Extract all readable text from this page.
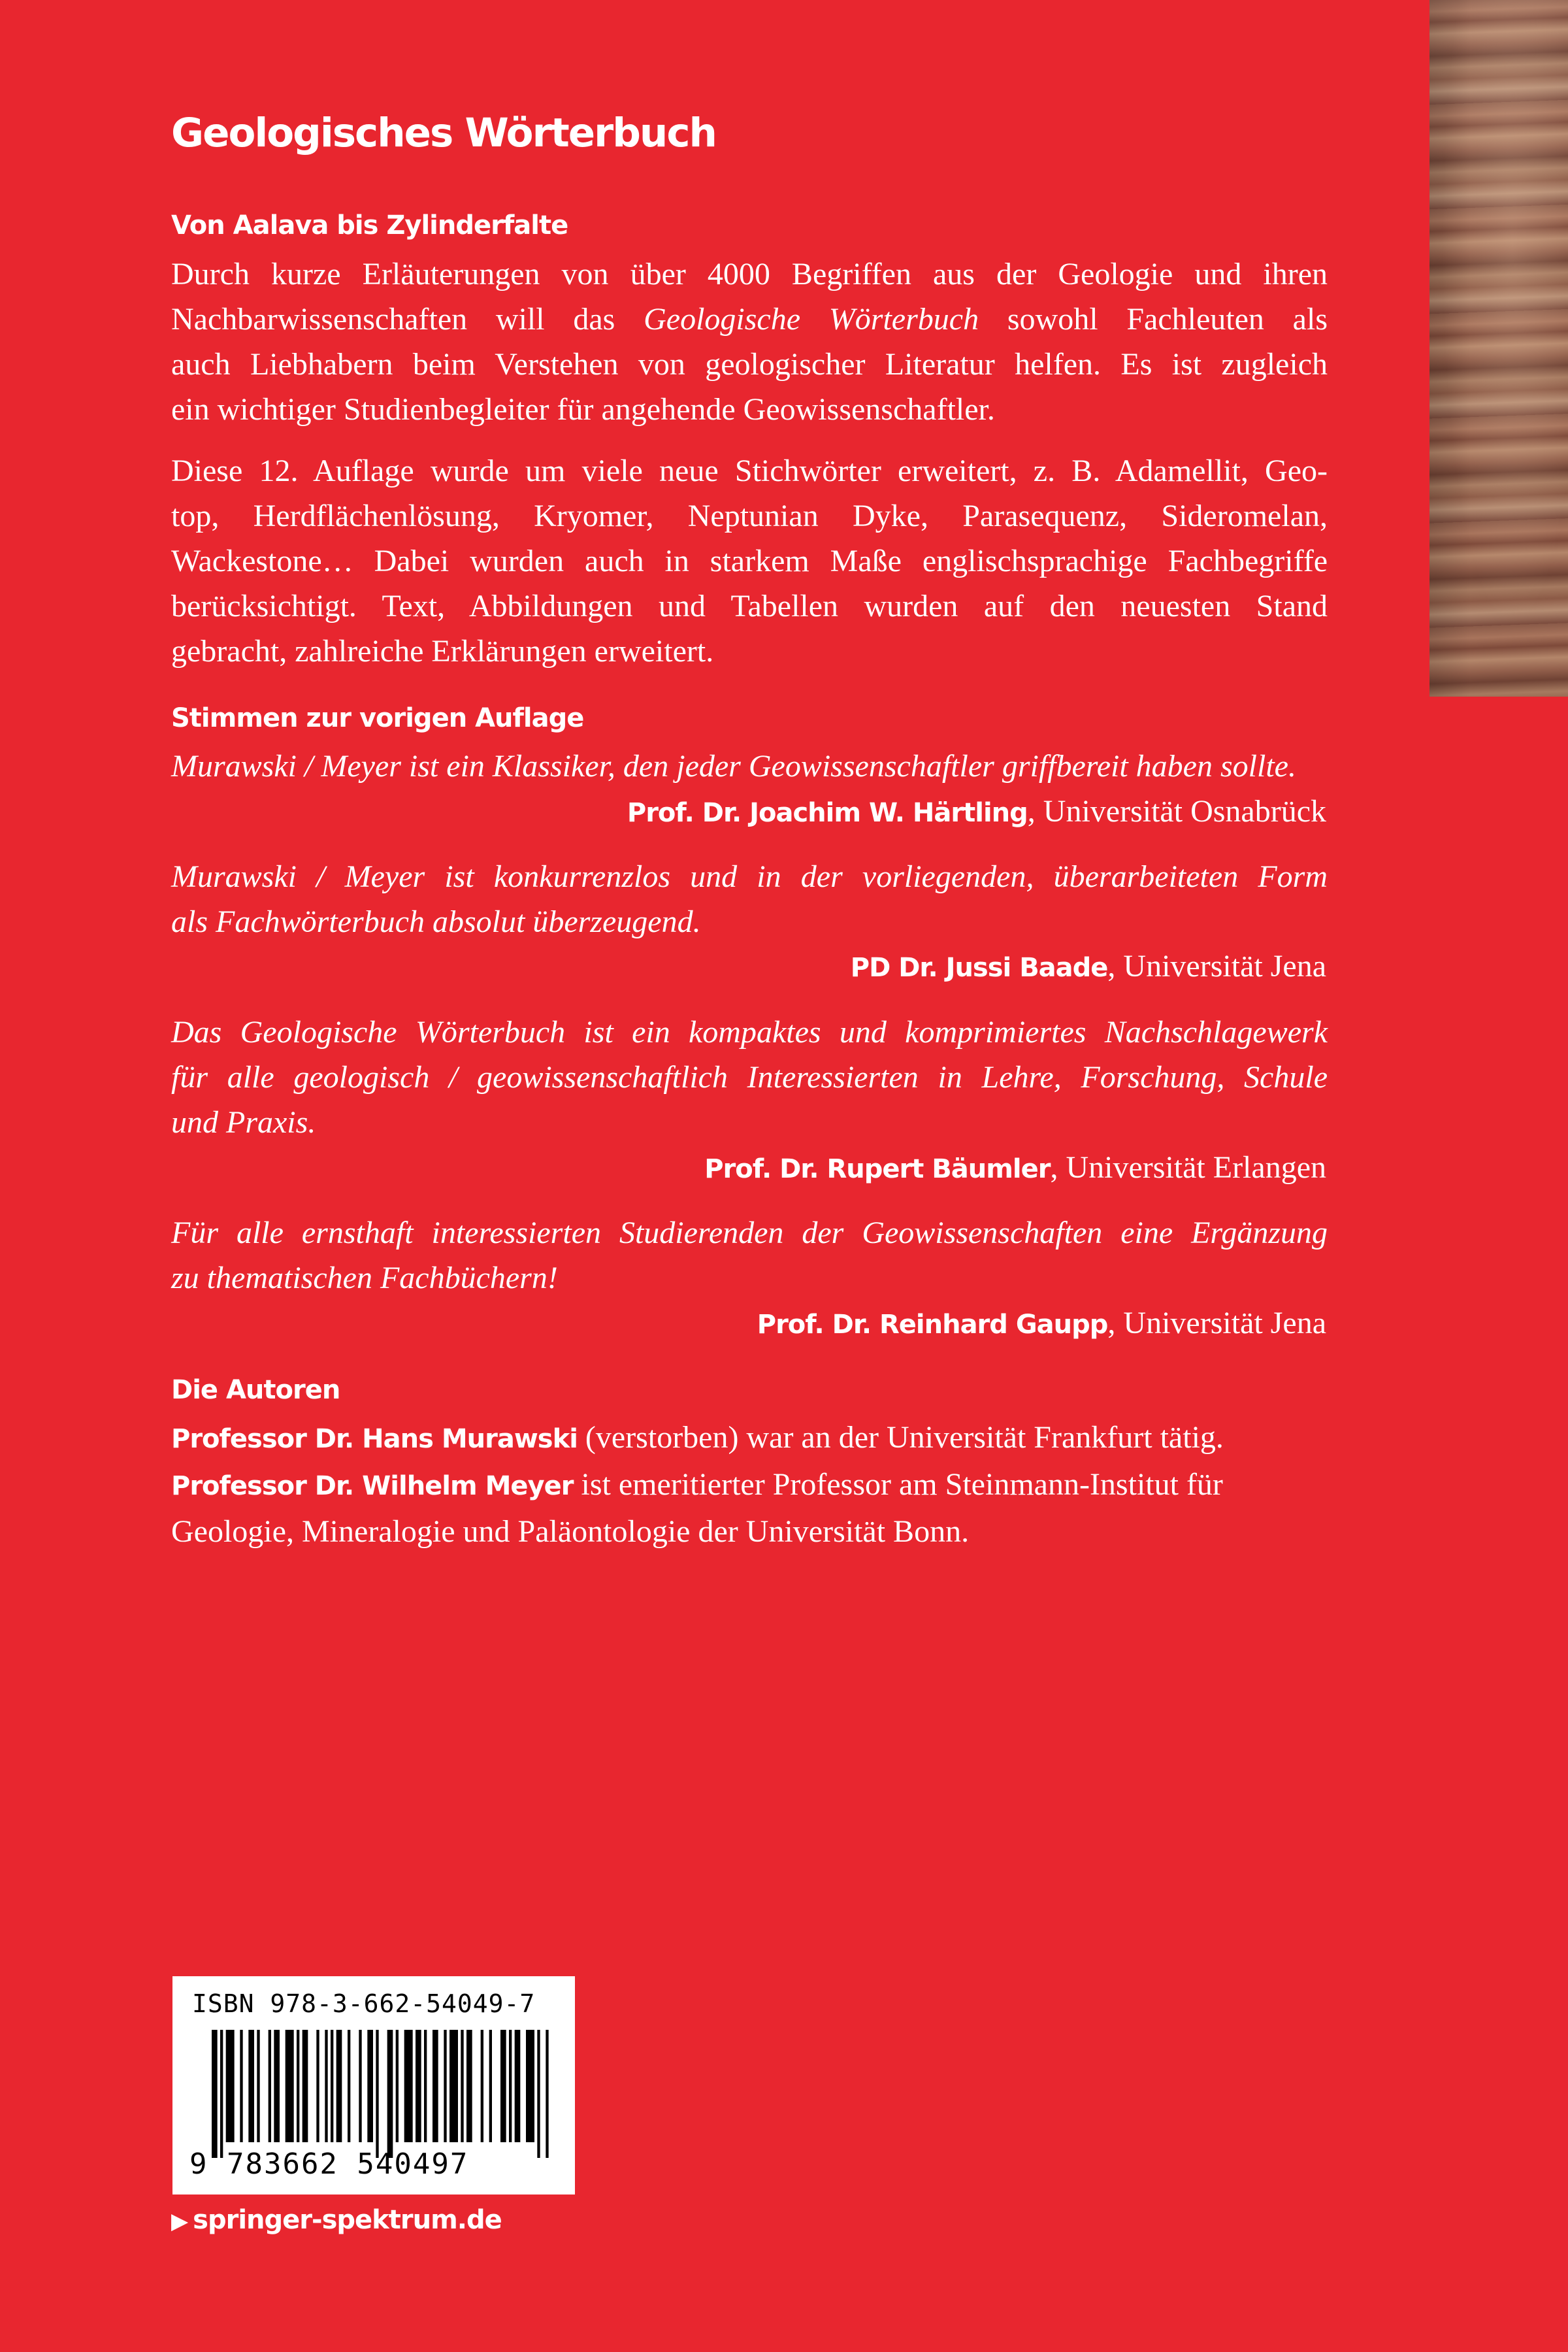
Geologisches Wörterbuch
Von Aalava bis Zylinderfalte

Durch kurze Erläuterungen von über 4000 Begriffen aus der Geologie und ihren
Nachbarwissenschaften will das Geologische Wörterbuch sowohl Fachleuten als
auch Liebhabern beim Verstehen von geologischer Literatur helfen. Es ist zugleich
ein wichtiger Studienbegleiter für angehende Geowissenschaftler.

Diese 12. Auflage wurde um viele neue Stichwörter erweitert, z. B. Adamellit, Geo-
top, Herdflächenlösung, Kryomer, Neptunian Dyke, Parasequenz, Sideromelan,
Wackestone… Dabei wurden auch in starkem Maße englischsprachige Fachbegriffe
berücksichtigt. Text, Abbildungen und Tabellen wurden auf den neuesten Stand
gebracht, zahlreiche Erklärungen erweitert.

Stimmen zur vorigen Auflage

Murawski / Meyer ist ein Klassiker, den jeder Geowissenschaftler griffbereit haben sollte.

Prof. Dr. Joachim W. Härtling, Universität Osnabrück

Murawski / Meyer ist konkurrenzlos und in der vorliegenden, überarbeiteten Form
als Fachwörterbuch absolut überzeugend.

PD Dr. Jussi Baade, Universität Jena

Das Geologische Wörterbuch ist ein kompaktes und komprimiertes Nachschlagewerk
für alle geologisch / geowissenschaftlich Interessierten in Lehre, Forschung, Schule
und Praxis.

Prof. Dr. Rupert Bäumler, Universität Erlangen

Für alle ernsthaft interessierten Studierenden der Geowissenschaften eine Ergänzung
zu thematischen Fachbüchern!

Prof. Dr. Reinhard Gaupp, Universität Jena
Die Autoren

Professor Dr. Hans Murawski (verstorben) war an der Universität Frankfurt tätig.
Professor Dr. Wilhelm Meyer ist emeritierter Professor am Steinmann-Institut für
Geologie, Mineralogie und Paläontologie der Universität Bonn.

ISBN 978-3-662-54049-7
9 783662 540497
▶ springer-spektrum.de
